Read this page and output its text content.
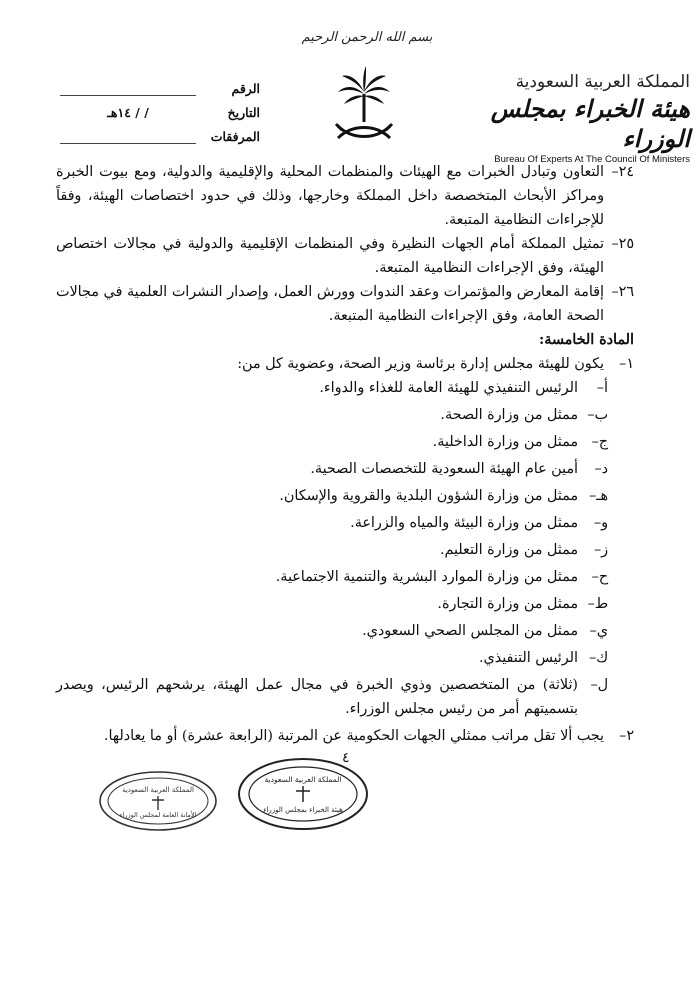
بسم الله الرحمن الرحيم
المملكة العربية السعودية
هيئة الخبراء بمجلس الوزراء
Bureau Of Experts At The Council Of Ministers
الرقم
التاريخ
/ / ١٤هـ
المرفقات
٢٤–
التعاون وتبادل الخبرات مع الهيئات والمنظمات المحلية والإقليمية والدولية، ومع بيوت الخبرة ومراكز الأبحاث المتخصصة داخل المملكة وخارجها، وذلك في حدود اختصاصات الهيئة، وفقاً للإجراءات النظامية المتبعة.
٢٥–
تمثيل المملكة أمام الجهات النظيرة وفي المنظمات الإقليمية والدولية في مجالات اختصاص الهيئة، وفق الإجراءات النظامية المتبعة.
٢٦–
إقامة المعارض والمؤتمرات وعقد الندوات وورش العمل، وإصدار النشرات العلمية في مجالات الصحة العامة، وفق الإجراءات النظامية المتبعة.
المادة الخامسة:
١–
يكون للهيئة مجلس إدارة برئاسة وزير الصحة، وعضوية كل من:
أ–
الرئيس التنفيذي للهيئة العامة للغذاء والدواء.
ب–
ممثل من وزارة الصحة.
ج–
ممثل من وزارة الداخلية.
د–
أمين عام الهيئة السعودية للتخصصات الصحية.
هـ–
ممثل من وزارة الشؤون البلدية والقروية والإسكان.
و–
ممثل من وزارة البيئة والمياه والزراعة.
ز–
ممثل من وزارة التعليم.
ح–
ممثل من وزارة الموارد البشرية والتنمية الاجتماعية.
ط–
ممثل من وزارة التجارة.
ي–
ممثل من المجلس الصحي السعودي.
ك–
الرئيس التنفيذي.
ل–
(ثلاثة) من المتخصصين وذوي الخبرة في مجال عمل الهيئة، يرشحهم الرئيس، ويصدر بتسميتهم أمر من رئيس مجلس الوزراء.
٢–
يجب ألا تقل مراتب ممثلي الجهات الحكومية عن المرتبة (الرابعة عشرة) أو ما يعادلها.
٤
المملكة العربية السعودية
الأمانة العامة لمجلس الوزراء
المملكة العربية السعودية
هيئة الخبراء بمجلس الوزراء
